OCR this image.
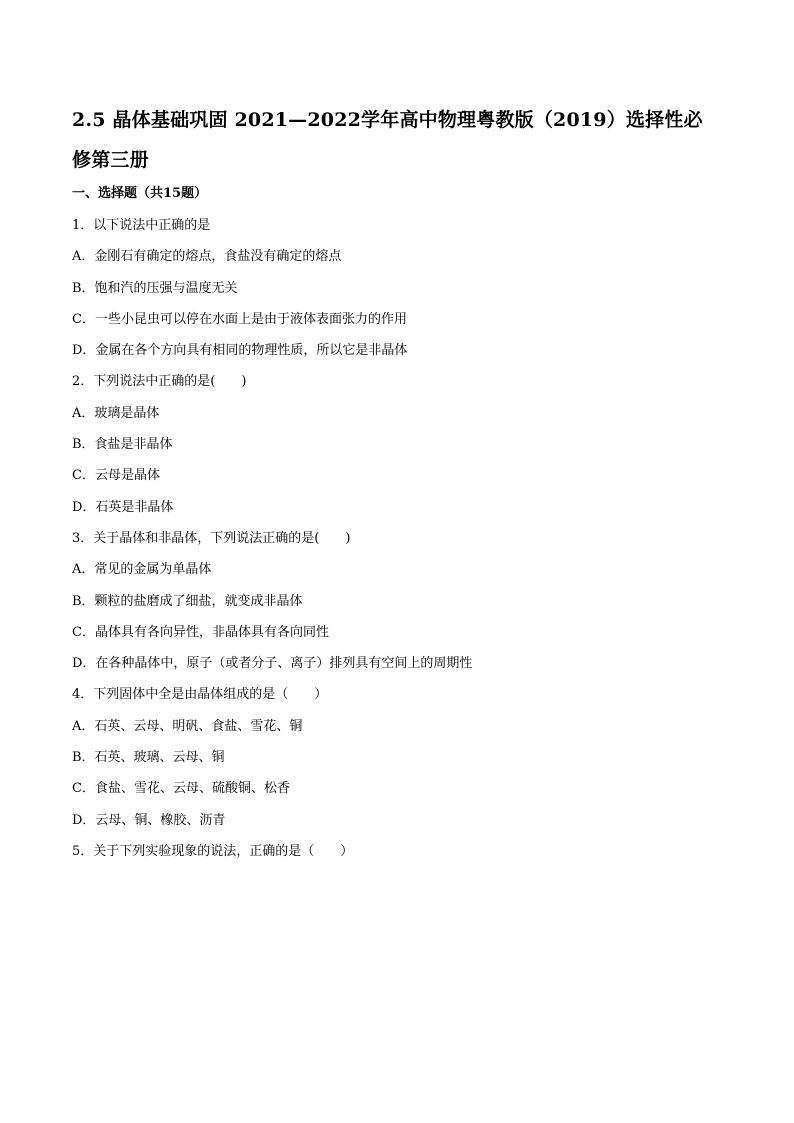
2.5 晶体基础巩固 2021—2022学年高中物理粤教版（2019）选择性必
修第三册
一、选择题（共15题）
1．以下说法中正确的是
A．金刚石有确定的熔点，食盐没有确定的熔点
B．饱和汽的压强与温度无关
C．一些小昆虫可以停在水面上是由于液体表面张力的作用
D．金属在各个方向具有相同的物理性质，所以它是非晶体
2．下列说法中正确的是(　　)
A．玻璃是晶体
B．食盐是非晶体
C．云母是晶体
D．石英是非晶体
3．关于晶体和非晶体，下列说法正确的是(　　)
A．常见的金属为单晶体
B．颗粒的盐磨成了细盐，就变成非晶体
C．晶体具有各向异性，非晶体具有各向同性
D．在各种晶体中，原子（或者分子、离子）排列具有空间上的周期性
4．下列固体中全是由晶体组成的是（　　）
A．石英、云母、明矾、食盐、雪花、铜
B．石英、玻璃、云母、铜
C．食盐、雪花、云母、硫酸铜、松香
D．云母、铜、橡胶、沥青
5．关于下列实验现象的说法，正确的是（　　）
